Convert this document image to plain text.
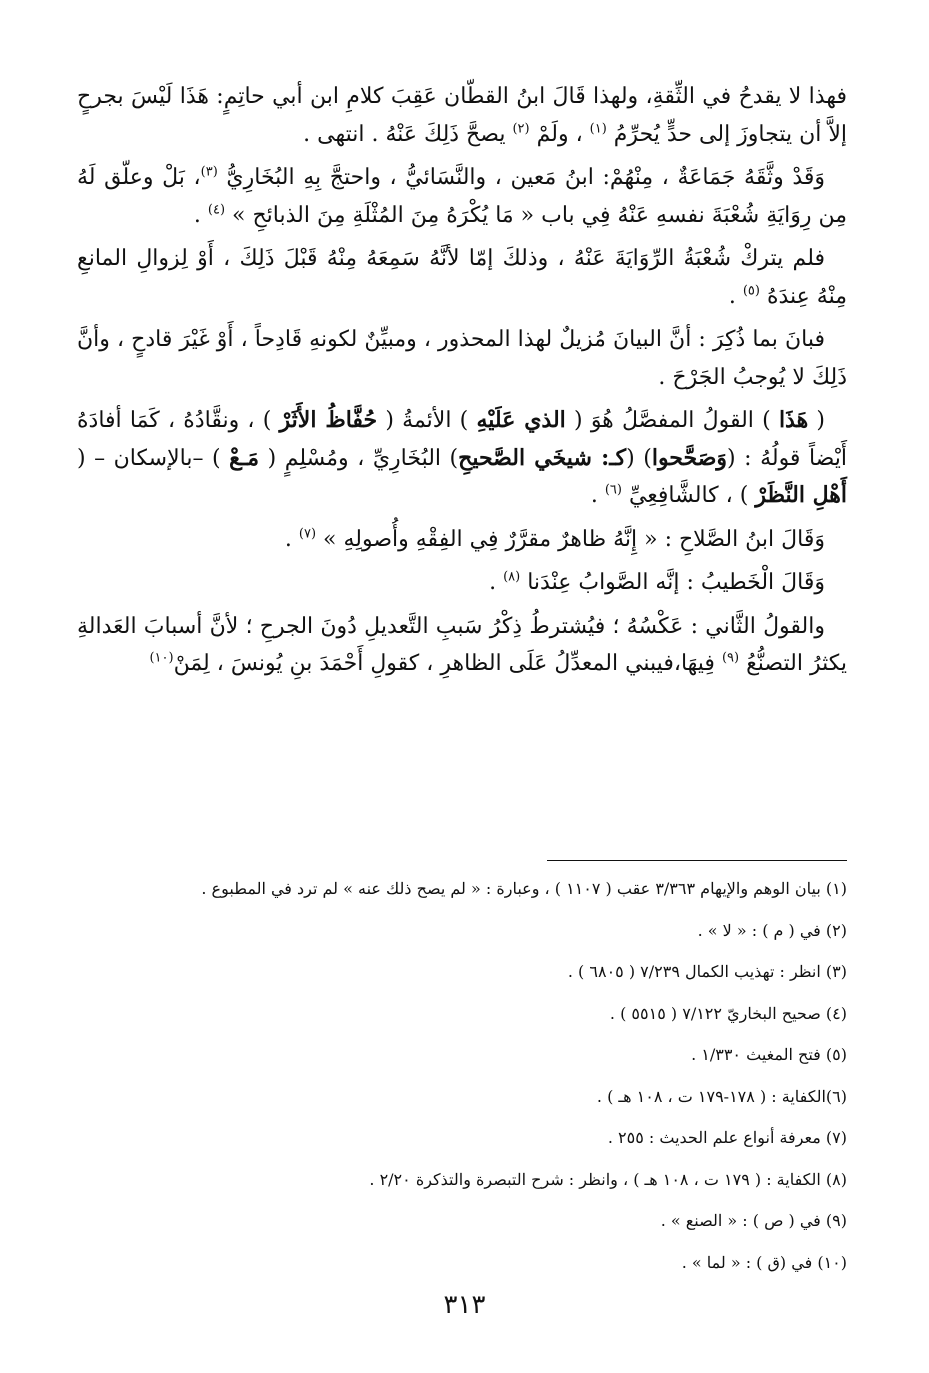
فهذا لا يقدحُ في الثِّقةِ، ولهذا قَالَ ابنُ القطّان عَقِبَ كلامِ ابن أبي حاتِمٍ: هَذَا لَيْسَ بجرحٍ إلاَّ أن يتجاوزَ إلى حدٍّ يُحرِّمُ $^{(١)}$ ، ولَمْ $^{(٢)}$ يصحَّ ذَلِكَ عَنْهُ . انتهى .

وَقَدْ وثَّقَهُ جَمَاعَةٌ ، مِنْهُمْ: ابنُ مَعين ، والنَّسَائيُّ ، واحتجَّ بِهِ البُخَارِيُّ $^{(٣)}$، بَلْ وعلّق لَهُ مِن رِوَايَةِ شُعْبَةَ نفسهِ عَنْهُ فِي باب « مَا يُكْرَهُ مِنَ المُثْلَةِ مِنَ الذبائحِ » $^{(٤)}$ .

فلم يتركْ شُعْبَةُ الرِّوَايَةَ عَنْهُ ، وذلكَ إمّا لأنَّهُ سَمِعَهُ مِنْهُ قَبْلَ ذَلِكَ ، أَوْ لِزوالِ المانعِ مِنْهُ عِندَهُ $^{(٥)}$ .

فبانَ بما ذُكِرَ : أنَّ البيانَ مُزيلٌ لهذا المحذور ، ومبيِّنٌ لكونهِ قَادِحاً ، أَوْ غَيْرَ قادحٍ ، وأنَّ ذَلِكَ لا يُوجبُ الجَرْحَ .

( هَذَا ) القولُ المفصَّلُ هُوَ ( الذي عَلَيْهِ ) الأئمةُ ( حُفَّاظُ الأَثَرْ ) ، ونقَّادُهُ ، كَمَا أفادَهُ أَيْضاً قولُهُ : (وَصَحَّحوا) (كـ: شيخَي الصَّحيحِ) البُخَارِيِّ ، ومُسْلِمٍ ( مَـعْ ) –بالإسكان – ( أَهْلِ النَّظَرْ ) ، كالشَّافِعِيِّ $^{(٦)}$ .

وَقَالَ ابنُ الصَّلاحِ : « إِنَّهُ ظاهرٌ مقرَّرٌ فِي الفِقْهِ وأُصولِهِ » $^{(٧)}$ .

وَقَالَ الْخَطيبُ : إنَّه الصَّوابُ عِنْدَنا $^{(٨)}$ .

والقولُ الثَّاني : عَكْسُهُ ؛ فيُشترطُ ذِكْرُ سَببِ التَّعديلِ دُونَ الجرحِ ؛ لأنَّ أسبابَ العَدالةِ يكثرُ التصنُّعُ $^{(٩)}$ فِيهَا،فيبني المعدِّلُ عَلَى الظاهرِ ، كقولِ أَحْمَدَ بنِ يُونسَ ، لِمَنْ$^{(١٠)}$

(١) بيان الوهم والإيهام ٣/٣٦٣ عقب ( ١١٠٧ ) ، وعبارة : « لم يصح ذلك عنه » لم ترد في المطبوع .
(٢) في ( م ) : « لا » .
(٣) انظر : تهذيب الكمال ٧/٢٣٩ ( ٦٨٠٥ ) .
(٤) صحيح البخاريّ ٧/١٢٢ ( ٥٥١٥ ) .
(٥) فتح المغيث ١/٣٣٠ .
(٦)الكفاية : ( ١٧٨-١٧٩ ت ، ١٠٨ هـ ) .
(٧) معرفة أنواع علم الحديث : ٢٥٥ .
(٨) الكفاية : ( ١٧٩ ت ، ١٠٨ هـ ) ، وانظر : شرح التبصرة والتذكرة ٢/٢٠ .
(٩) في ( ص ) : « الصنع » .
(١٠) في (ق ) : « لما » .
٣١٣
